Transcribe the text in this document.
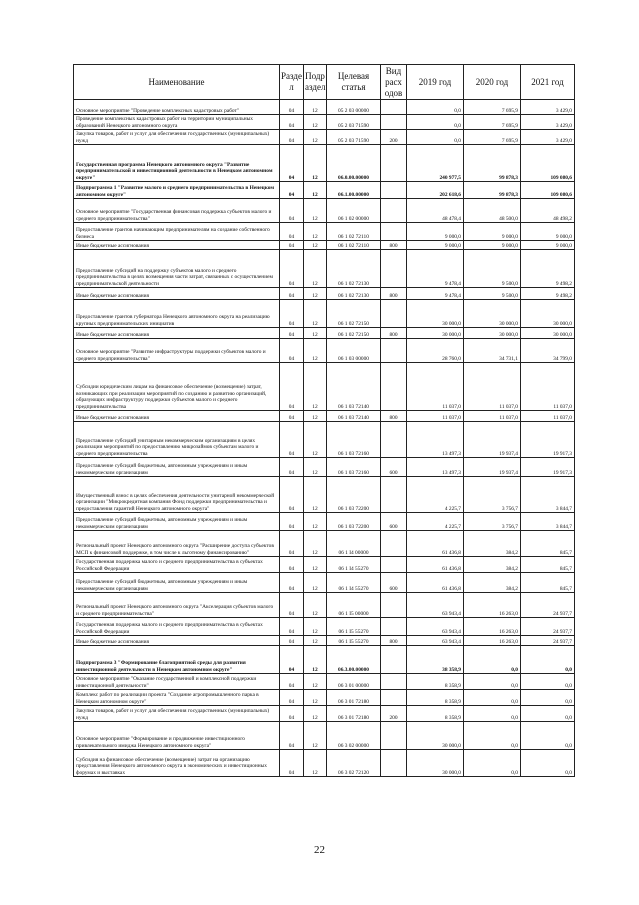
Наименование	Разде л	Подр аздел	Целевая статья	Вид расх одов	2019 год	2020 год	2021 год
Основное мероприятие "Проведение комплексных кадастровых работ"	04	12	05 2 03 00000		0,0	7 695,9	3 429,0
Проведение комплексных кадастровых работ на территории муниципальных образований Ненецкого автономного округа	04	12	05 2 03 71590		0,0	7 695,9	3 429,0
Закупка товаров, работ и услуг для обеспечения государственных (муниципальных) нужд	04	12	05 2 03 71590	200	0,0	7 695,9	3 429,0
Государственная программа Ненецкого автономного округа "Развитие предпринимательской и инвестиционной деятельности в Ненецком автономном округе"	04	12	06.0.00.00000		240 977,5	99 878,3	109 080,6
Подпрограмма 1 "Развитие малого и среднего предпринимательства в Ненецком автономном округе"	04	12	06.1.00.00000		202 618,6	99 878,3	109 080,6
Основное мероприятие "Государственная финансовая поддержка субъектов малого и среднего предпринимательства"	04	12	06 1 02 00000		48 478,4	48 500,0	48 498,2
Предоставление грантов начинающим предпринимателям на создание собственного бизнеса	04	12	06 1 02 72110		9 000,0	9 000,0	9 000,0
Иные бюджетные ассигнования	04	12	06 1 02 72110	800	9 000,0	9 000,0	9 000,0
Предоставление субсидий на поддержку субъектов малого и среднего предпринимательства в целях возмещения части затрат, связанных с осуществлением предпринимательской деятельности	04	12	06 1 02 72130		9 478,4	9 500,0	9 498,2
Иные бюджетные ассигнования	04	12	06 1 02 72130	800	9 478,4	9 500,0	9 498,2
Предоставление грантов губернатора Ненецкого автономного округа на реализацию крупных предпринимательских инициатив	04	12	06 1 02 72150		30 000,0	30 000,0	30 000,0
Иные бюджетные ассигнования	04	12	06 1 02 72150	800	30 000,0	30 000,0	30 000,0
Основное мероприятие "Развитие инфраструктуры поддержки субъектов малого и среднего предпринимательства"	04	12	06 1 03 00000		28 760,0	34 731,1	34 799,0
Субсидии юридическим лицам на финансовое обеспечение (возмещение) затрат, возникающих при реализации мероприятий по созданию и развитию организаций, образующих инфраструктуру поддержки субъектов малого и среднего предпринимательства	04	12	06 1 03 72140		11 037,0	11 037,0	11 037,0
Иные бюджетные ассигнования	04	12	06 1 03 72140	800	11 037,0	11 037,0	11 037,0
Предоставление субсидий унитарным некоммерческим организациям в целях реализации мероприятий по предоставлению микрозаймов субъектам малого и среднего предпринимательства	04	12	06 1 03 72160		13 497,3	19 937,4	19 917,3
Предоставление субсидий бюджетным, автономным учреждениям и иным некоммерческим организациям	04	12	06 1 03 72160	600	13 497,3	19 937,4	19 917,3
Имущественный взнос в целях обеспечения деятельности унитарной некоммерческой организации "Микрокредитная компания Фонд поддержки предпринимательства и предоставления гарантий Ненецкого автономного округа"	04	12	06 1 03 72200		4 225,7	3 756,7	3 844,7
Предоставление субсидий бюджетным, автономным учреждениям и иным некоммерческим организациям	04	12	06 1 03 72200	600	4 225,7	3 756,7	3 844,7
Региональный проект Ненецкого автономного округа "Расширение доступа субъектов МСП к финансовой поддержке, в том числе к льготному финансированию"	04	12	06 1 I4 00000		61 436,8	384,2	845,7
Государственная поддержка малого и среднего предпринимательства в субъектах Российской Федерации	04	12	06 1 I4 55270		61 436,8	384,2	845,7
Предоставление субсидий бюджетным, автономным учреждениям и иным некоммерческим организациям	04	12	06 1 I4 55270	600	61 436,8	384,2	845,7
Региональный проект Ненецкого автономного округа "Акселерация субъектов малого и среднего предпринимательства"	04	12	06 1 I5 00000		63 943,4	16 263,0	24 937,7
Государственная поддержка малого и среднего предпринимательства в субъектах Российской Федерации	04	12	06 1 I5 55270		63 943,4	16 263,0	24 937,7
Иные бюджетные ассигнования	04	12	06 1 I5 55270	800	63 943,4	16 263,0	24 937,7
Подпрограмма 3 "Формирование благоприятной среды для развития инвестиционной деятельности в Ненецком автономном округе"	04	12	06.3.00.00000		38 358,9	0,0	0,0
Основное мероприятие "Оказание государственной и комплексной поддержки инвестиционной деятельности"	04	12	06 3 01 00000		8 358,9	0,0	0,0
Комплекс работ по реализации проекта "Создание агропромышленного парка в Ненецком автономном округе"	04	12	06 3 01 72180		8 358,9	0,0	0,0
Закупка товаров, работ и услуг для обеспечения государственных (муниципальных) нужд	04	12	06 3 01 72180	200	8 358,9	0,0	0,0
Основное мероприятие "Формирование и продвижение инвестиционного привлекательного имиджа Ненецкого автономного округа"	04	12	06 3 02 00000		30 000,0	0,0	0,0
Субсидия на финансовое обеспечение (возмещение) затрат на организацию представления Ненецкого автономного округа в экономических и инвестиционных форумах и выставках	04	12	06 3 02 72120		30 000,0	0,0	0,0
22
